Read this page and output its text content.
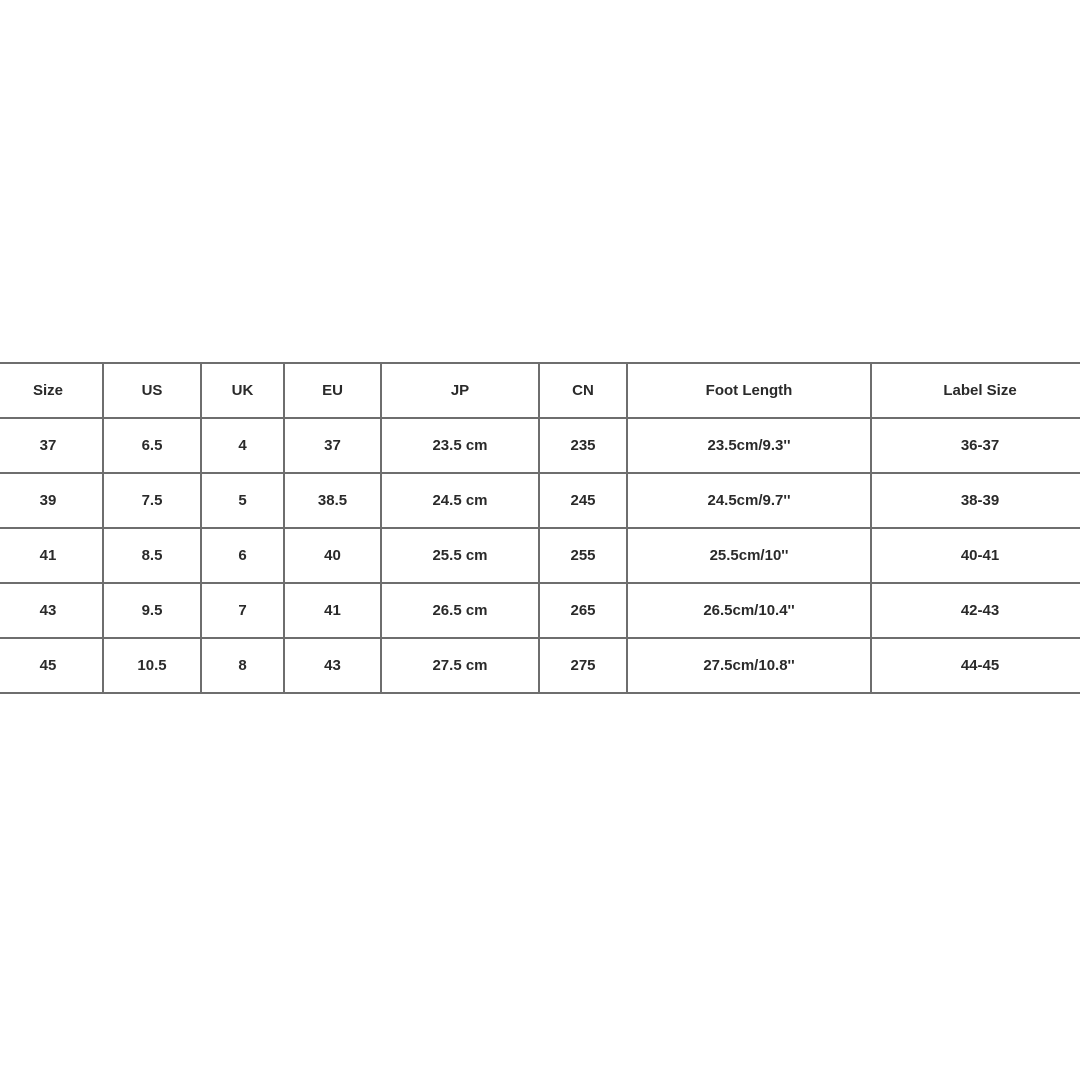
Size	US	UK	EU	JP	CN	Foot Length	Label Size
37	6.5	4	37	23.5 cm	235	23.5cm/9.3''	36-37
39	7.5	5	38.5	24.5 cm	245	24.5cm/9.7''	38-39
41	8.5	6	40	25.5 cm	255	25.5cm/10''	40-41
43	9.5	7	41	26.5 cm	265	26.5cm/10.4''	42-43
45	10.5	8	43	27.5 cm	275	27.5cm/10.8''	44-45
